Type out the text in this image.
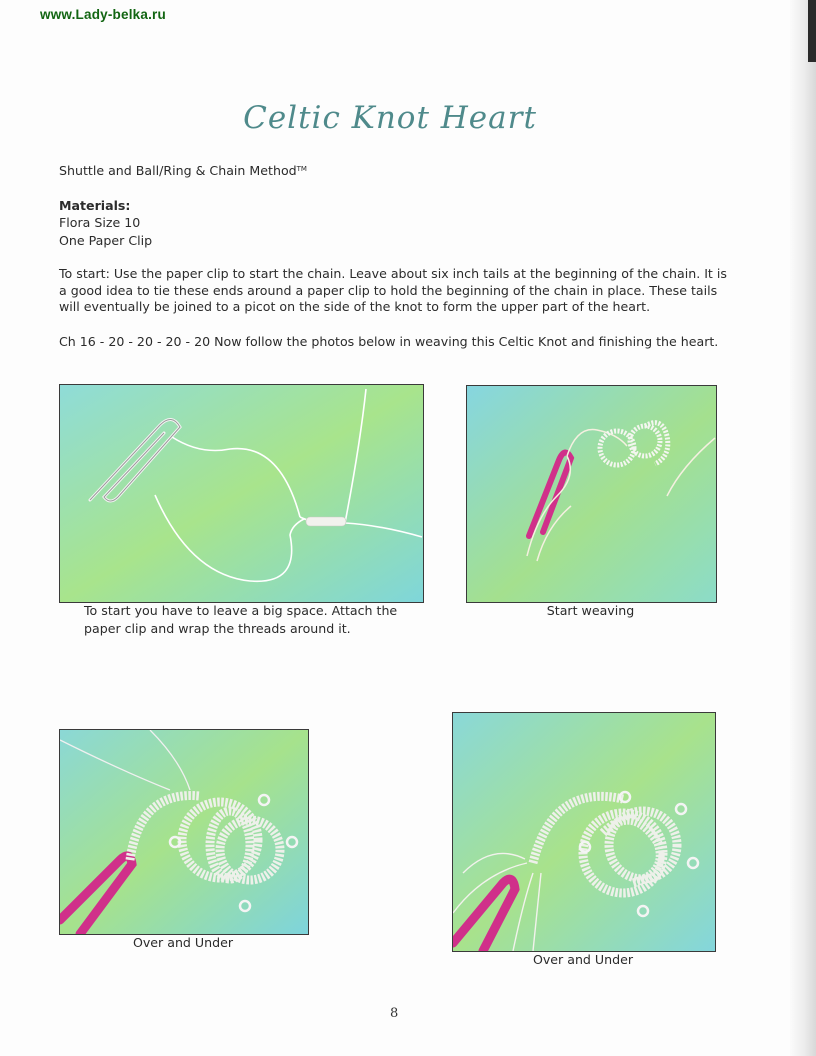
www.Lady-belka.ru
Celtic Knot Heart
Shuttle and Ball/Ring & Chain Method™
Materials:
Flora Size 10
One Paper Clip
To start: Use the paper clip to start the chain. Leave about six inch tails at the beginning of the chain. It is a good idea to tie these ends around a paper clip to hold the beginning of the chain in place. These tails will eventually be joined to a picot on the side of the knot to form the upper part of the heart.
Ch 16 - 20 - 20 - 20 - 20 Now follow the photos below in weaving this Celtic Knot and finishing the heart.
To start you have to leave a big space. Attach the paper clip and wrap the threads around it.
Start weaving
Over and Under
Over and Under
8
